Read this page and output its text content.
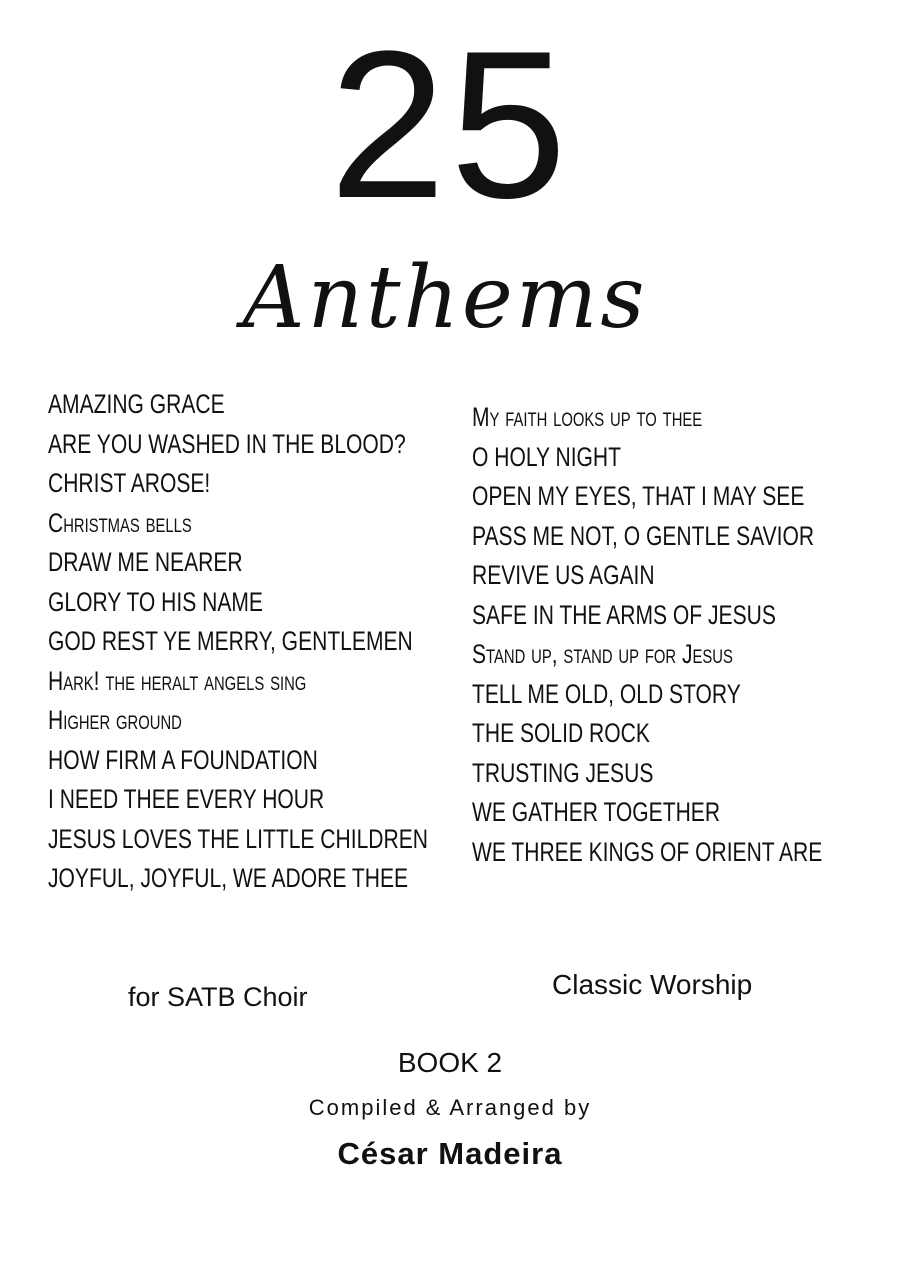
25
Anthems
AMAZING GRACE
ARE YOU WASHED IN THE BLOOD?
CHRIST AROSE!
Christmas bells
DRAW ME NEARER
GLORY TO HIS NAME
GOD REST YE MERRY, GENTLEMEN
Hark! the heralt angels sing
Higher ground
HOW FIRM A FOUNDATION
I NEED THEE EVERY HOUR
JESUS LOVES THE LITTLE CHILDREN
JOYFUL, JOYFUL, WE ADORE THEE
My faith looks up to thee
O HOLY NIGHT
OPEN MY EYES, THAT I MAY SEE
PASS ME NOT, O GENTLE SAVIOR
REVIVE US AGAIN
SAFE IN THE ARMS OF JESUS
Stand up, stand up for Jesus
TELL ME OLD, OLD STORY
THE SOLID ROCK
TRUSTING JESUS
WE GATHER TOGETHER
WE THREE KINGS OF ORIENT ARE
for SATB Choir	Classic Worship
BOOK 2
Compiled & Arranged by
César Madeira
